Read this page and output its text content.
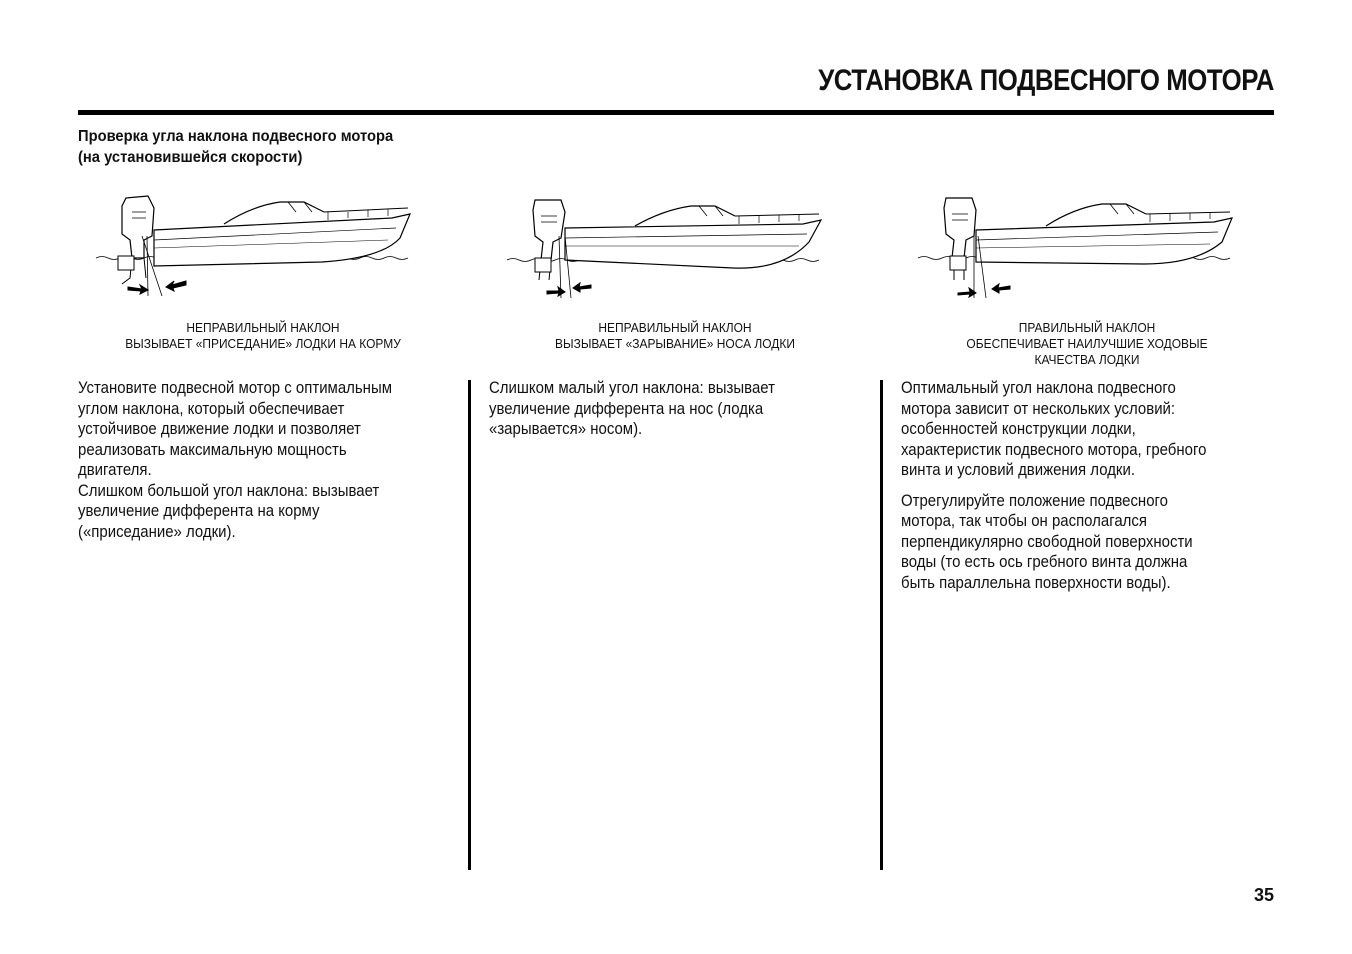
УСТАНОВКА ПОДВЕСНОГО МОТОРА
Проверка угла наклона подвесного мотора
(на установившейся скорости)
НЕПРАВИЛЬНЫЙ НАКЛОН
ВЫЗЫВАЕТ «ПРИСЕДАНИЕ» ЛОДКИ НА КОРМУ
НЕПРАВИЛЬНЫЙ НАКЛОН
ВЫЗЫВАЕТ «ЗАРЫВАНИЕ» НОСА ЛОДКИ
ПРАВИЛЬНЫЙ НАКЛОН
ОБЕСПЕЧИВАЕТ НАИЛУЧШИЕ ХОДОВЫЕ
КАЧЕСТВА ЛОДКИ

Установите подвесной мотор с оптимальным
углом наклона, который обеспечивает
устойчивое движение лодки и позволяет
реализовать максимальную мощность
двигателя.

Слишком большой угол наклона: вызывает
увеличение дифферента на корму
(«приседание» лодки).

Слишком малый угол наклона: вызывает
увеличение дифферента на нос (лодка
«зарывается» носом).

Оптимальный угол наклона подвесного
мотора зависит от нескольких условий:
особенностей конструкции лодки,
характеристик подвесного мотора, гребного
винта и условий движения лодки.

Отрегулируйте положение подвесного
мотора, так чтобы он располагался
перпендикулярно свободной поверхности
воды (то есть ось гребного винта должна
быть параллельна поверхности воды).

35
